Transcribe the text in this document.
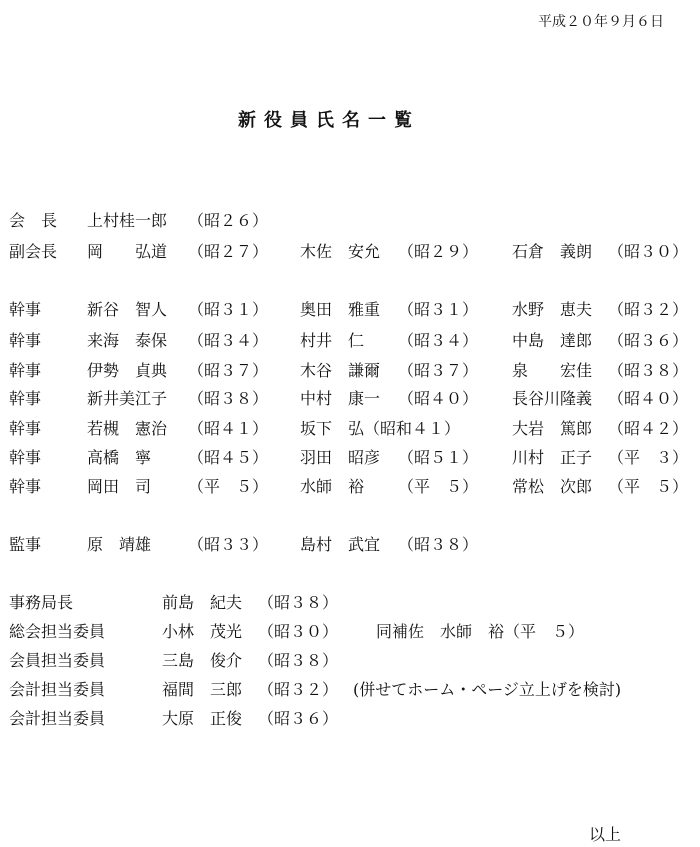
平成２０年９月６日
新役員氏名一覧
会　長 上村桂一郎 （昭２６）
副会長 岡　　弘道 （昭２７） 木佐　安允 （昭２９） 石倉　義朗 （昭３０）
幹事	新谷　智人 （昭３１） 奥田　雅重 （昭３１） 水野　恵夫 （昭３２）
幹事	来海　泰保 （昭３４） 村井　仁　 （昭３４） 中島　達郎 （昭３６）
幹事	伊勢　貞典 （昭３７） 木谷　謙爾 （昭３７） 泉　　宏佳 （昭３８）
幹事	新井美江子 （昭３８） 中村　康一 （昭４０） 長谷川隆義 （昭４０）
幹事	若槻　憲治 （昭４１） 坂下　弘 （昭和４１）	大岩　篤郎 （昭４２）
幹事	高橋　寧　 （昭４５） 羽田　昭彦 （昭５１） 川村　正子 （平　３）
幹事	岡田　司　 （平　５） 水師　裕　 （平　５） 常松　次郎 （平　５）
監事	原　靖雄　 （昭３３） 島村　武宜 （昭３８）
事務局長	前島　紀夫 （昭３８）
総会担当委員	小林　茂光 （昭３０） 同補佐　水師　裕（平　５）
会員担当委員	三島　俊介 （昭３８）
会計担当委員	福間　三郎 （昭３２） (併せてホーム・ページ立上げを検討)
会計担当委員	大原　正俊 （昭３６）
以上
